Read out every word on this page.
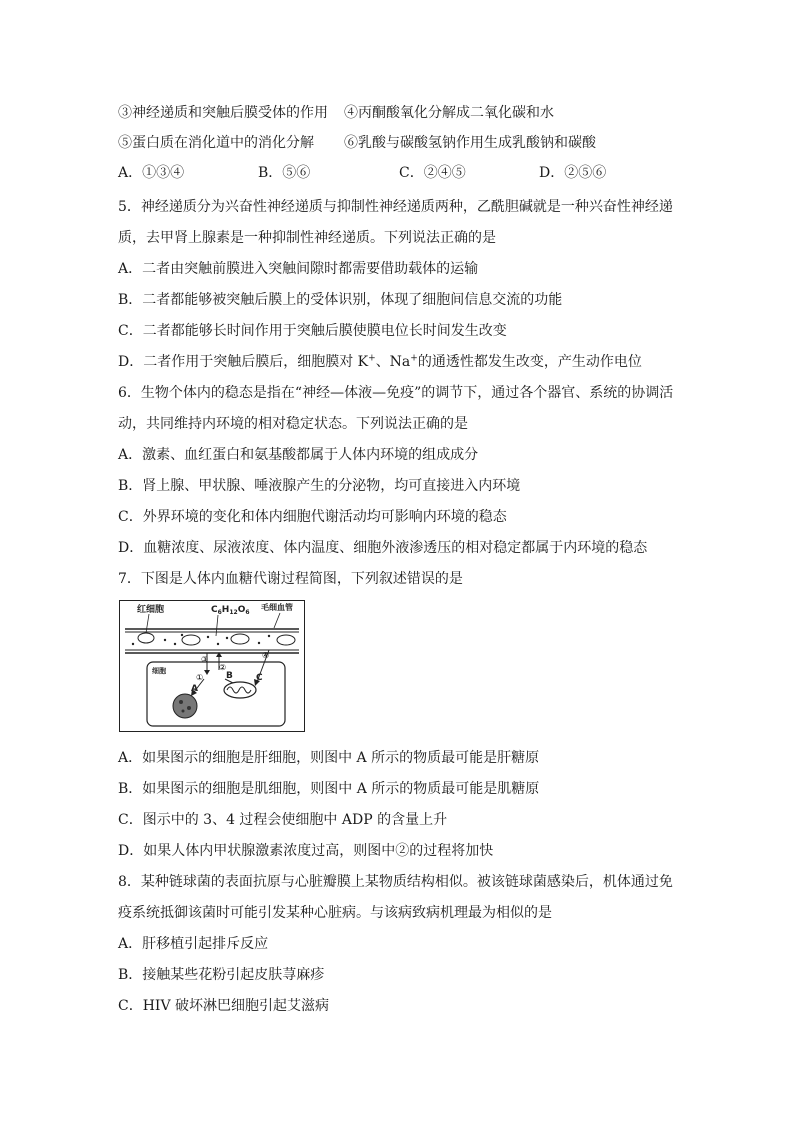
③神经递质和突触后膜受体的作用 ④丙酮酸氧化分解成二氧化碳和水
⑤蛋白质在消化道中的消化分解 ⑥乳酸与碳酸氢钠作用生成乳酸钠和碳酸
A．①③④	B．⑤⑥	C．②④⑤	D．②⑤⑥
5．神经递质分为兴奋性神经递质与抑制性神经递质两种，乙酰胆碱就是一种兴奋性神经递
质，去甲肾上腺素是一种抑制性神经递质。下列说法正确的是
A．二者由突触前膜进入突触间隙时都需要借助载体的运输
B．二者都能够被突触后膜上的受体识别，体现了细胞间信息交流的功能
C．二者都能够长时间作用于突触后膜使膜电位长时间发生改变
D．二者作用于突触后膜后，细胞膜对 K+、Na+的通透性都发生改变，产生动作电位
6．生物个体内的稳态是指在“神经—体液—免疫”的调节下，通过各个器官、系统的协调活
动，共同维持内环境的相对稳定状态。下列说法正确的是
A．激素、血红蛋白和氨基酸都属于人体内环境的组成成分
B．肾上腺、甲状腺、唾液腺产生的分泌物，均可直接进入内环境
C．外界环境的变化和体内细胞代谢活动均可影响内环境的稳态
D．血糖浓度、尿液浓度、体内温度、细胞外液渗透压的相对稳定都属于内环境的稳态
7．下图是人体内血糖代谢过程简图，下列叙述错误的是
红细胞	$C_6H_{12}O_6$
毛细血管
细胞
③
②
①
④
A
B	C
A．如果图示的细胞是肝细胞，则图中 A 所示的物质最可能是肝糖原
B．如果图示的细胞是肌细胞，则图中 A 所示的物质最可能是肌糖原
C．图示中的 3、4 过程会使细胞中 ADP 的含量上升
D．如果人体内甲状腺激素浓度过高，则图中②的过程将加快
8．某种链球菌的表面抗原与心脏瓣膜上某物质结构相似。被该链球菌感染后，机体通过免
疫系统抵御该菌时可能引发某种心脏病。与该病致病机理最为相似的是
A．肝移植引起排斥反应
B．接触某些花粉引起皮肤荨麻疹
C．HIV 破坏淋巴细胞引起艾滋病
